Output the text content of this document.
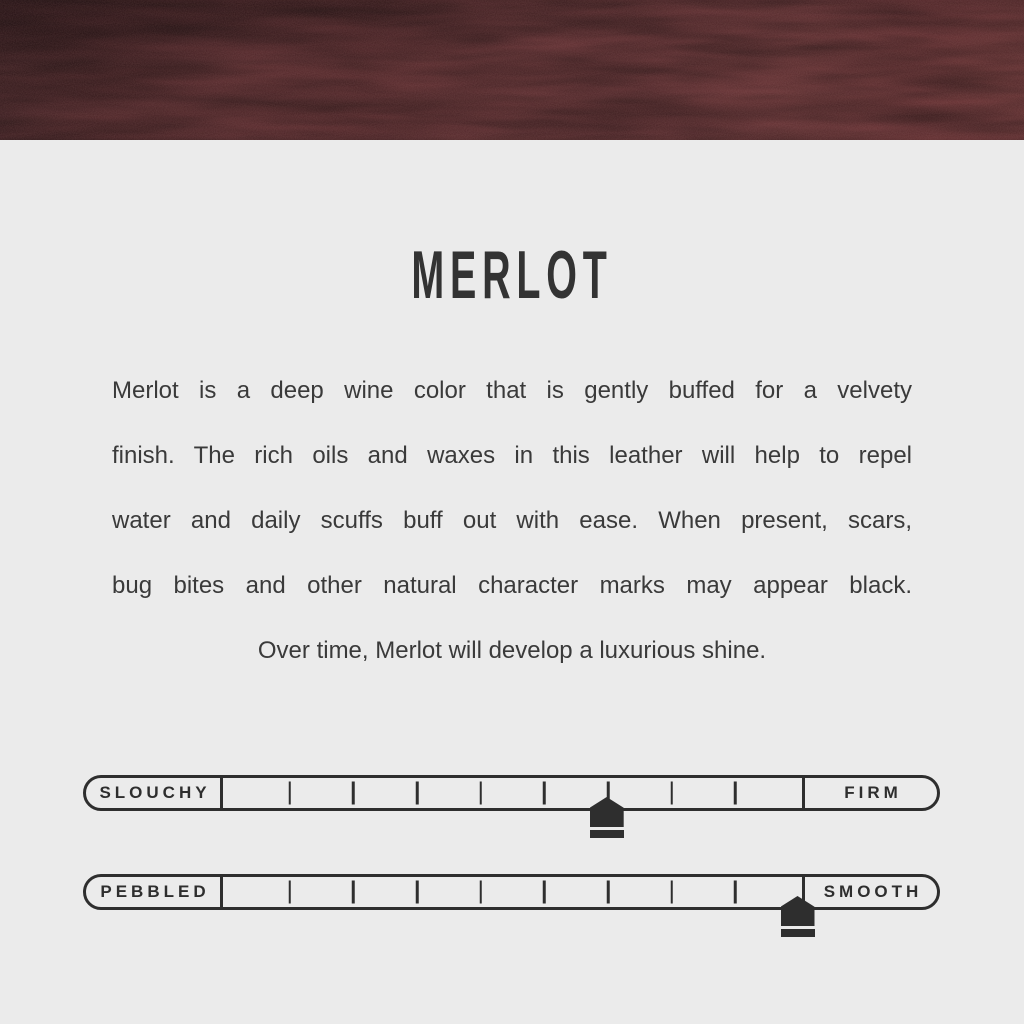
MERLOT
Merlot is a deep wine color that is gently buffed for a velvety
finish. The rich oils and waxes in this leather will help to repel
water and daily scuffs buff out with ease. When present, scars,
bug bites and other natural character marks may appear black.
Over time, Merlot will develop a luxurious shine.
SLOUCHY	FIRM
PEBBLED	SMOOTH
